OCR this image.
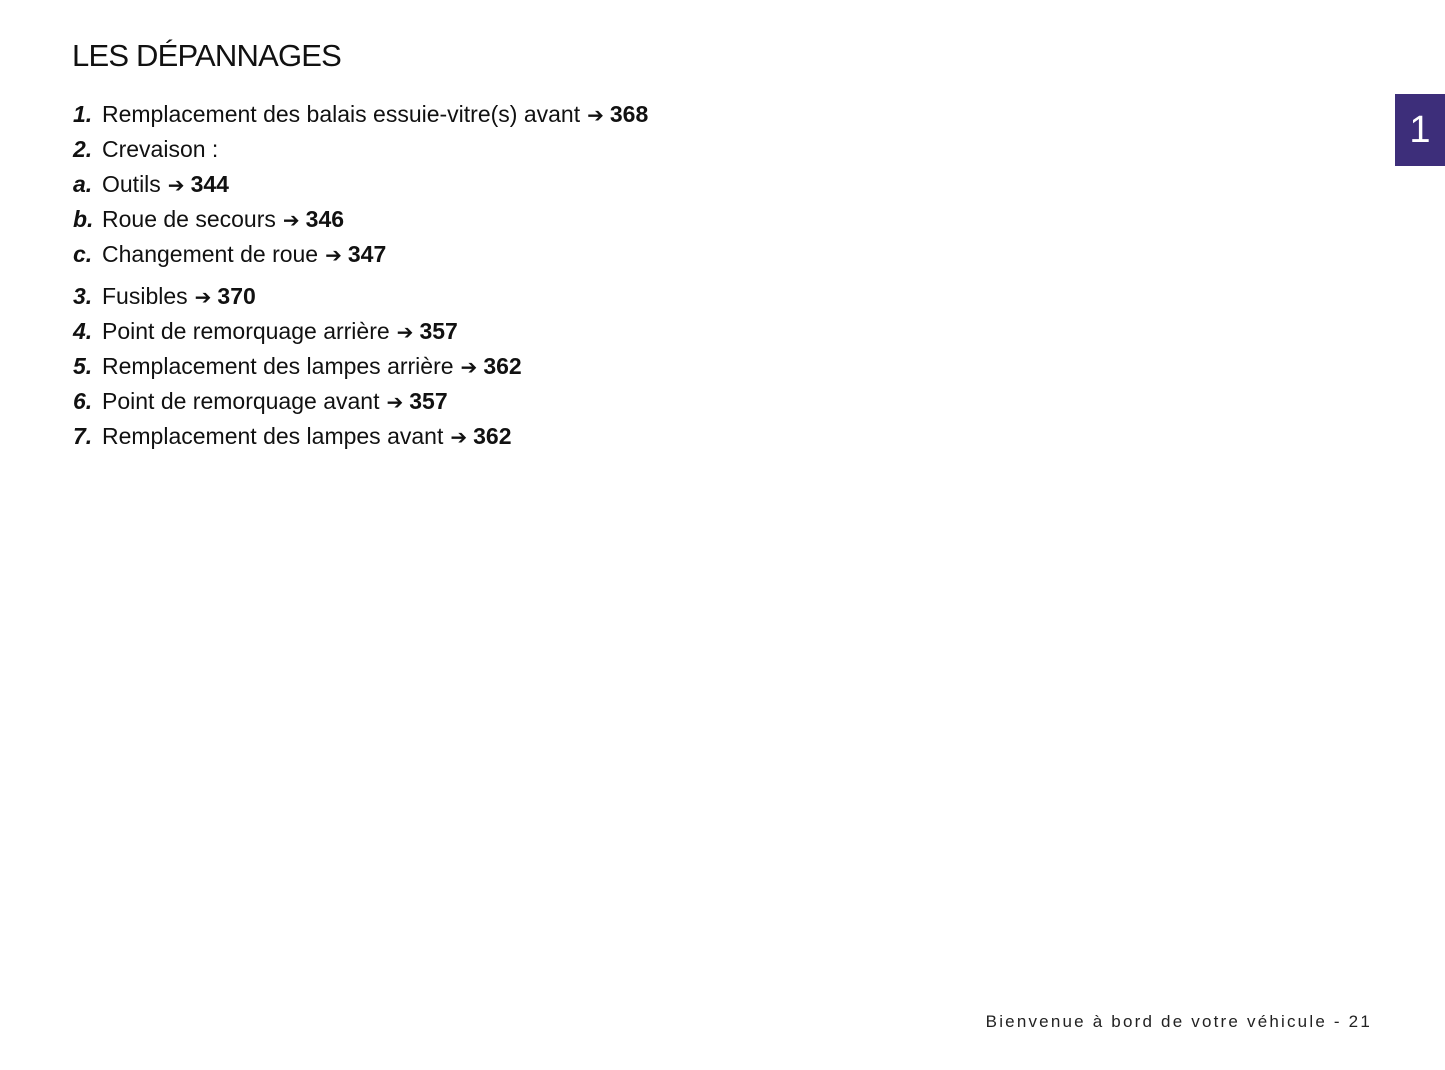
LES DÉPANNAGES
1
1. Remplacement des balais essuie-vitre(s) avant ➔ 368
2. Crevaison :
a. Outils ➔ 344
b. Roue de secours ➔ 346
c. Changement de roue ➔ 347
3. Fusibles ➔ 370
4. Point de remorquage arrière ➔ 357
5. Remplacement des lampes arrière ➔ 362
6. Point de remorquage avant ➔ 357
7. Remplacement des lampes avant ➔ 362
Bienvenue à bord de votre véhicule - 21
